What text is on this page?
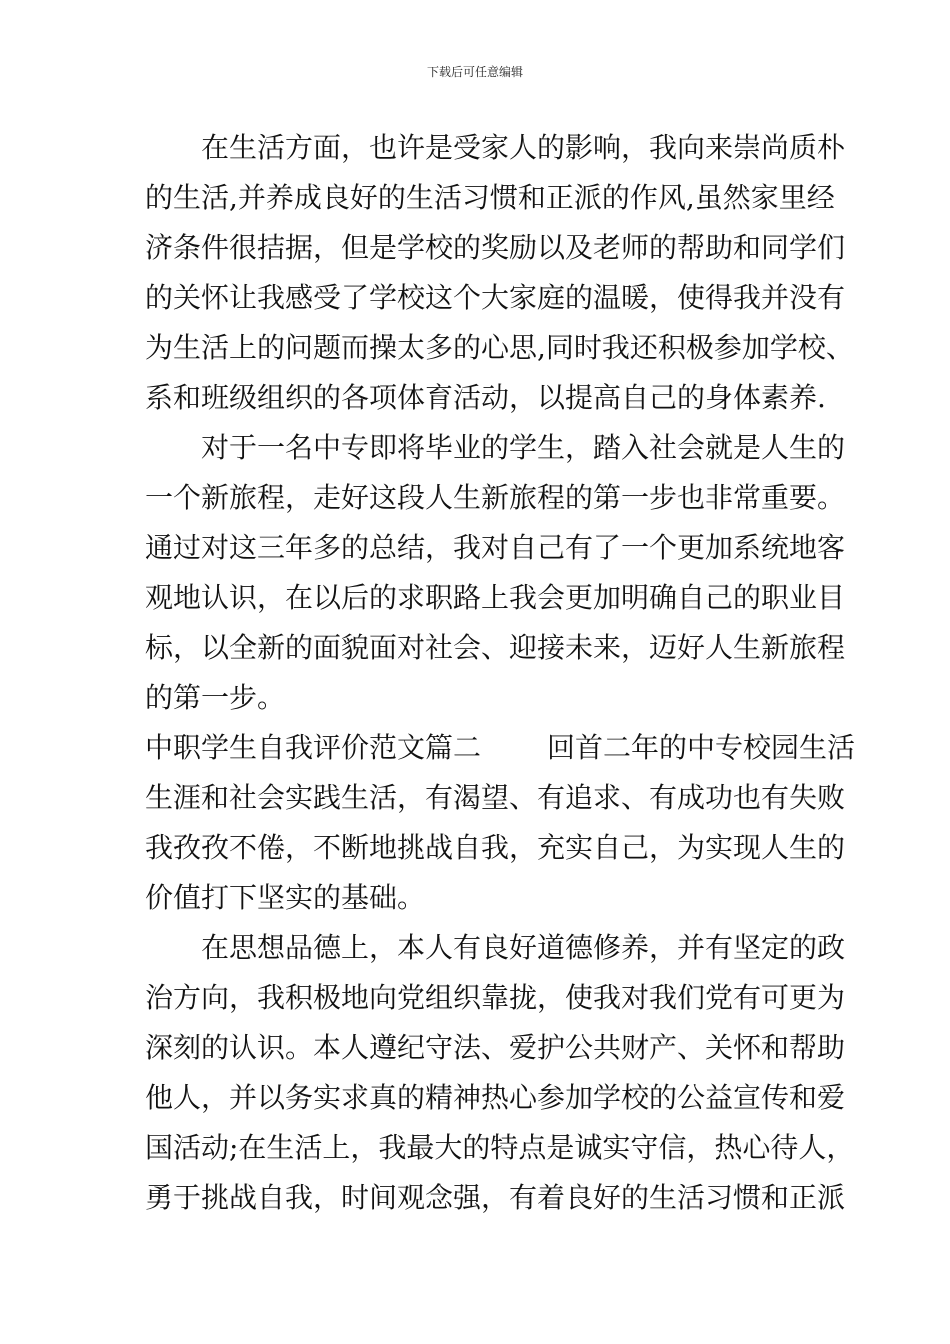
下载后可任意编辑
在生活方面，也许是受家人的影响，我向来崇尚质朴
的生活,并养成良好的生活习惯和正派的作风,虽然家里经
济条件很拮据，但是学校的奖励以及老师的帮助和同学们
的关怀让我感受了学校这个大家庭的温暖，使得我并没有
为生活上的问题而操太多的心思,同时我还积极参加学校、
系和班级组织的各项体育活动，以提高自己的身体素养.
对于一名中专即将毕业的学生，踏入社会就是人生的
一个新旅程，走好这段人生新旅程的第一步也非常重要。
通过对这三年多的总结，我对自己有了一个更加系统地客
观地认识，在以后的求职路上我会更加明确自己的职业目
标，以全新的面貌面对社会、迎接未来，迈好人生新旅程
的第一步。
中职学生自我评价范文篇二 回首二年的中专校园生活
生涯和社会实践生活，有渴望、有追求、有成功也有失败
我孜孜不倦，不断地挑战自我，充实自己，为实现人生的
价值打下坚实的基础。
在思想品德上，本人有良好道德修养，并有坚定的政
治方向，我积极地向党组织靠拢，使我对我们党有可更为
深刻的认识。本人遵纪守法、爱护公共财产、关怀和帮助
他人，并以务实求真的精神热心参加学校的公益宣传和爱
国活动;在生活上，我最大的特点是诚实守信，热心待人，
勇于挑战自我，时间观念强，有着良好的生活习惯和正派
